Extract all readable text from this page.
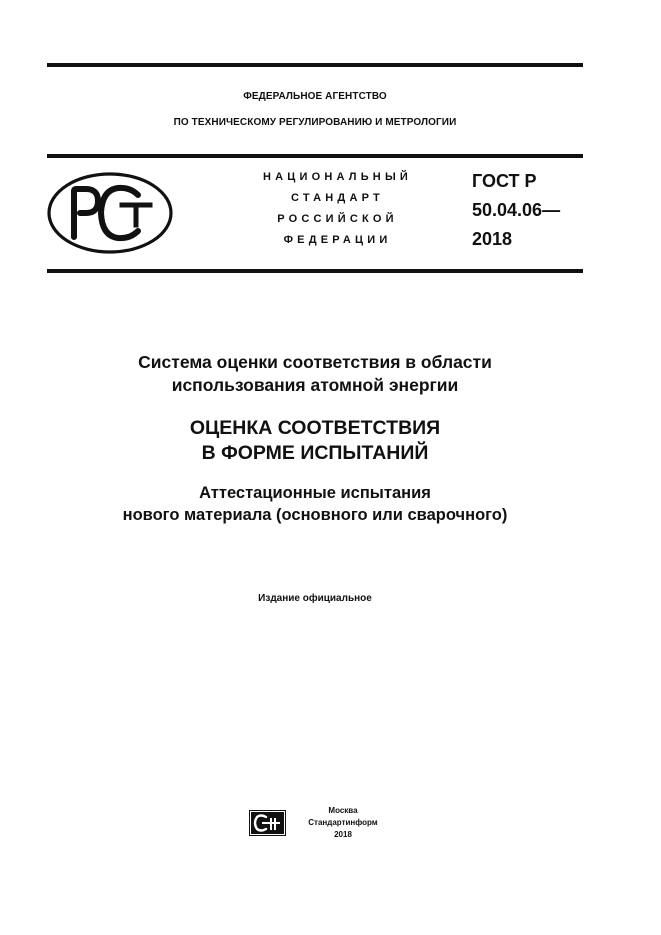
ФЕДЕРАЛЬНОЕ АГЕНТСТВО
ПО ТЕХНИЧЕСКОМУ РЕГУЛИРОВАНИЮ И МЕТРОЛОГИИ
НАЦИОНАЛЬНЫЙ
СТАНДАРТ
РОССИЙСКОЙ
ФЕДЕРАЦИИ
ГОСТ Р
50.04.06—
2018
Система оценки соответствия в области
использования атомной энергии
ОЦЕНКА СООТВЕТСТВИЯ
В ФОРМЕ ИСПЫТАНИЙ
Аттестационные испытания
нового материала (основного или сварочного)
Издание официальное
Москва
Стандартинформ
2018
